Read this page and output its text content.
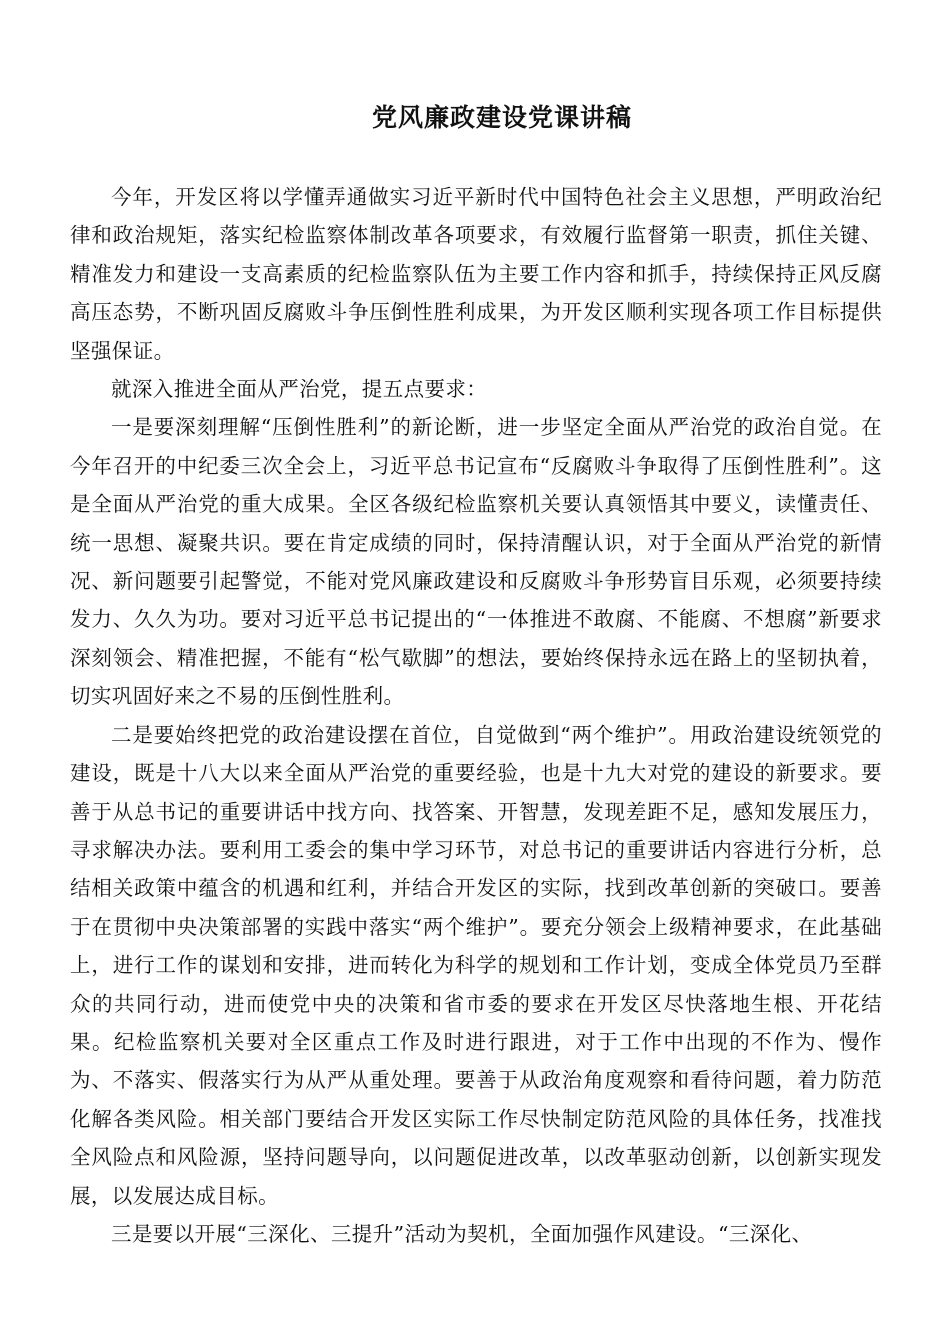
党风廉政建设党课讲稿

今年，开发区将以学懂弄通做实习近平新时代中国特色社会主义思想，严明政治纪律和政治规矩，落实纪检监察体制改革各项要求，有效履行监督第一职责，抓住关键、精准发力和建设一支高素质的纪检监察队伍为主要工作内容和抓手，持续保持正风反腐高压态势，不断巩固反腐败斗争压倒性胜利成果，为开发区顺利实现各项工作目标提供坚强保证。

就深入推进全面从严治党，提五点要求：

一是要深刻理解“压倒性胜利”的新论断，进一步坚定全面从严治党的政治自觉。在今年召开的中纪委三次全会上，习近平总书记宣布“反腐败斗争取得了压倒性胜利”。这是全面从严治党的重大成果。全区各级纪检监察机关要认真领悟其中要义，读懂责任、统一思想、凝聚共识。要在肯定成绩的同时，保持清醒认识，对于全面从严治党的新情况、新问题要引起警觉，不能对党风廉政建设和反腐败斗争形势盲目乐观，必须要持续发力、久久为功。要对习近平总书记提出的“一体推进不敢腐、不能腐、不想腐”新要求深刻领会、精准把握，不能有“松气歇脚”的想法，要始终保持永远在路上的坚韧执着，切实巩固好来之不易的压倒性胜利。

二是要始终把党的政治建设摆在首位，自觉做到“两个维护”。用政治建设统领党的建设，既是十八大以来全面从严治党的重要经验，也是十九大对党的建设的新要求。要善于从总书记的重要讲话中找方向、找答案、开智慧，发现差距不足，感知发展压力，寻求解决办法。要利用工委会的集中学习环节，对总书记的重要讲话内容进行分析，总结相关政策中蕴含的机遇和红利，并结合开发区的实际，找到改革创新的突破口。要善于在贯彻中央决策部署的实践中落实“两个维护”。要充分领会上级精神要求，在此基础上，进行工作的谋划和安排，进而转化为科学的规划和工作计划，变成全体党员乃至群众的共同行动，进而使党中央的决策和省市委的要求在开发区尽快落地生根、开花结果。纪检监察机关要对全区重点工作及时进行跟进，对于工作中出现的不作为、慢作为、不落实、假落实行为从严从重处理。要善于从政治角度观察和看待问题，着力防范化解各类风险。相关部门要结合开发区实际工作尽快制定防范风险的具体任务，找准找全风险点和风险源，坚持问题导向，以问题促进改革，以改革驱动创新，以创新实现发展，以发展达成目标。

三是要以开展“三深化、三提升”活动为契机，全面加强作风建设。“三深化、
